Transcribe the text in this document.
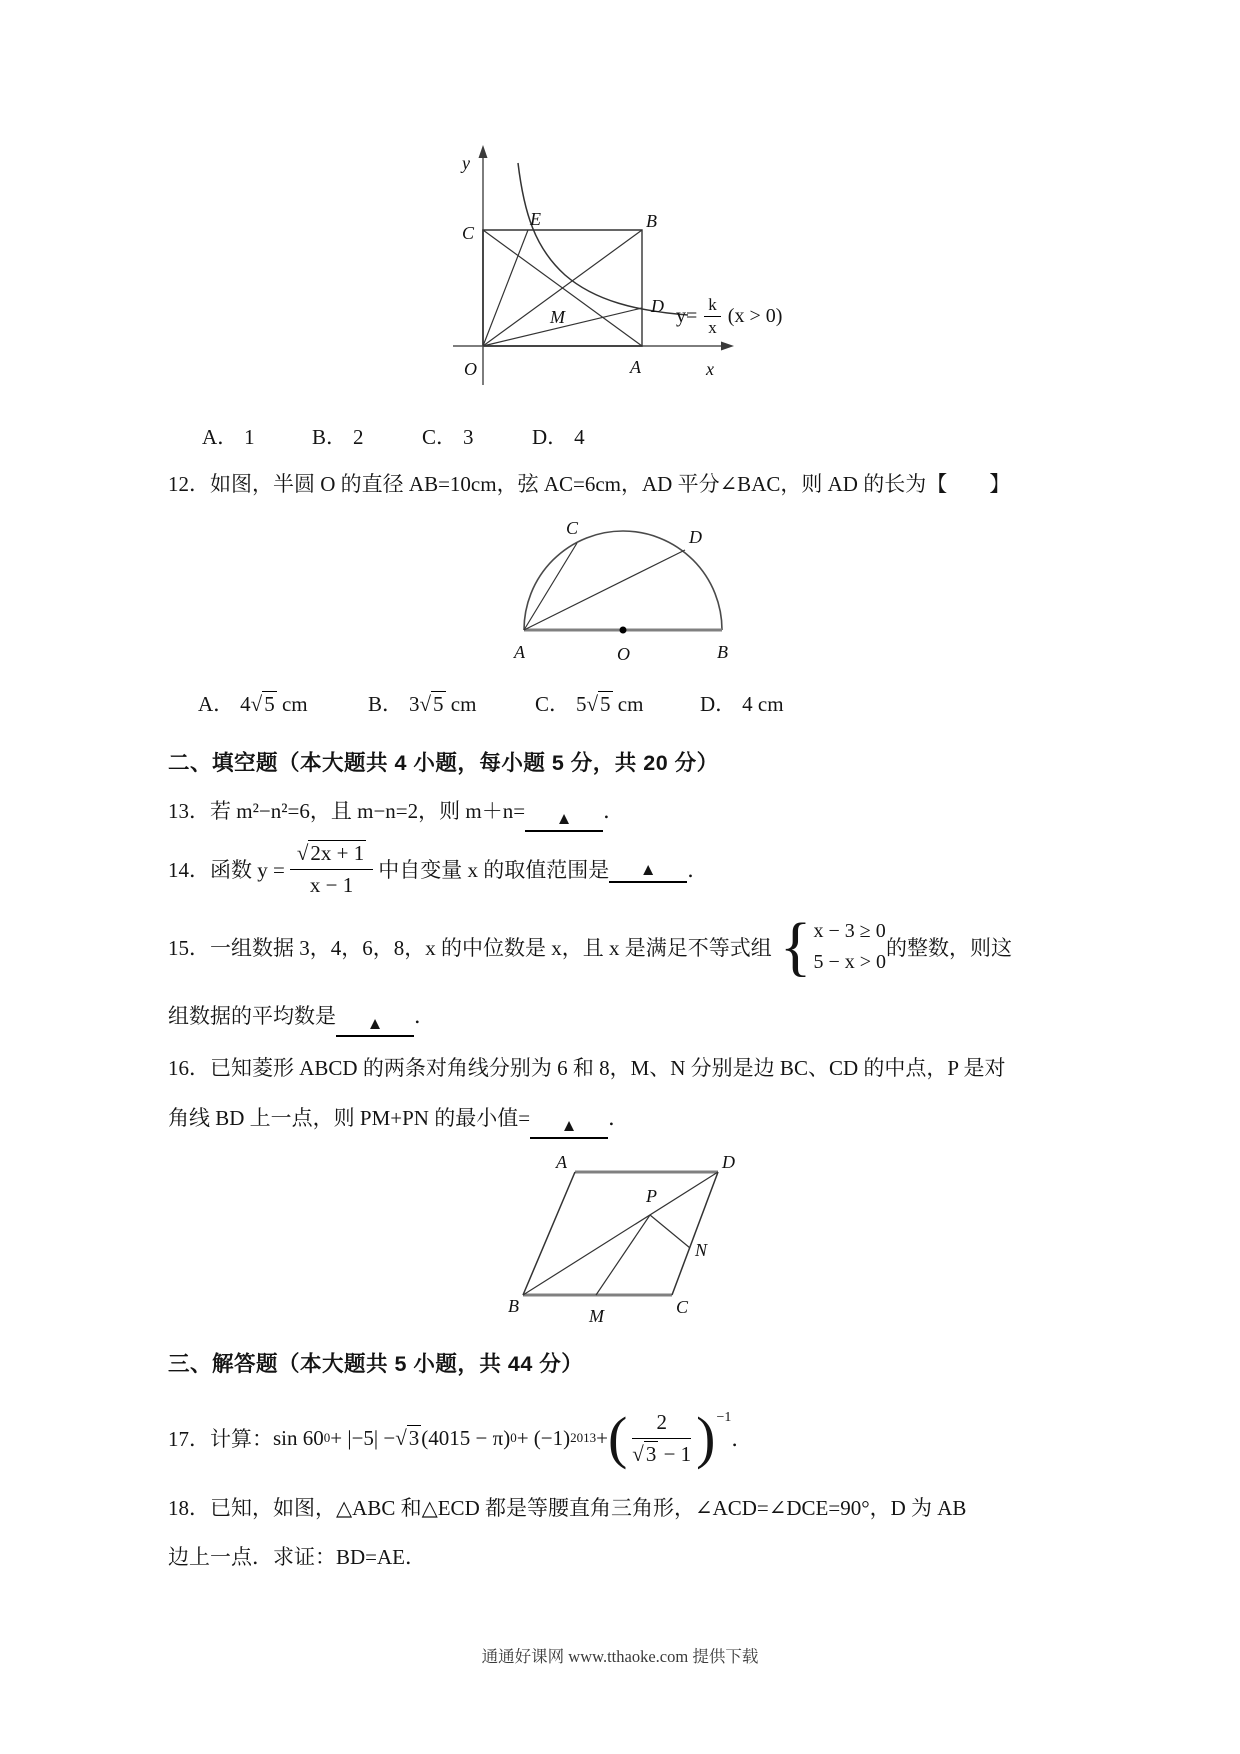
y
x
O	A
B
C
D
E
M	$y= \frac{k}{x} (x > 0)$
A． 1	B． 2	C． 3	D． 4
12．如图，半圆 O 的直径 AB=10cm，弦 AC=6cm，AD 平分∠BAC，则 AD 的长为【　　】
A	O	B
C	D
A． 4√5 cm	B． 3√5 cm	C． 5√5 cm	D． 4 cm
二、填空题（本大题共 4 小题，每小题 5 分，共 20 分）
13．若 m²−n²=6，且 m−n=2，则 m＋n= ▲ ．
14． 函数 $y = \frac{√2x + 1}{x - 1}$ 中自变量 x 的取值范围是	▲	．
15． 一组数据 3，4，6，8，x 的中位数是 x，且 x 是满足不等式组 { x − 3 ≥ 0
5 − x > 0
的整数，则这
组数据的平均数是 ▲ ．
16．已知菱形 ABCD 的两条对角线分别为 6 和 8，M、N 分别是边 BC、CD 的中点，P 是对
角线 BD 上一点，则 PM+PN 的最小值= ▲ ．
A	D
B	C
M
N
P
三、解答题（本大题共 5 小题，共 44 分）
17． 计算： sin 60 0 + |−5| − √3 (4015 − π) 0 + (−1) 2013 + ( $\frac{2}{√3 - 1} )^{-1}$
．
18．已知，如图，△ABC 和△ECD 都是等腰直角三角形，∠ACD=∠DCE=90°，D 为 AB
边上一点．求证：BD=AE．
通通好课网 www.tthaoke.com 提供下载
